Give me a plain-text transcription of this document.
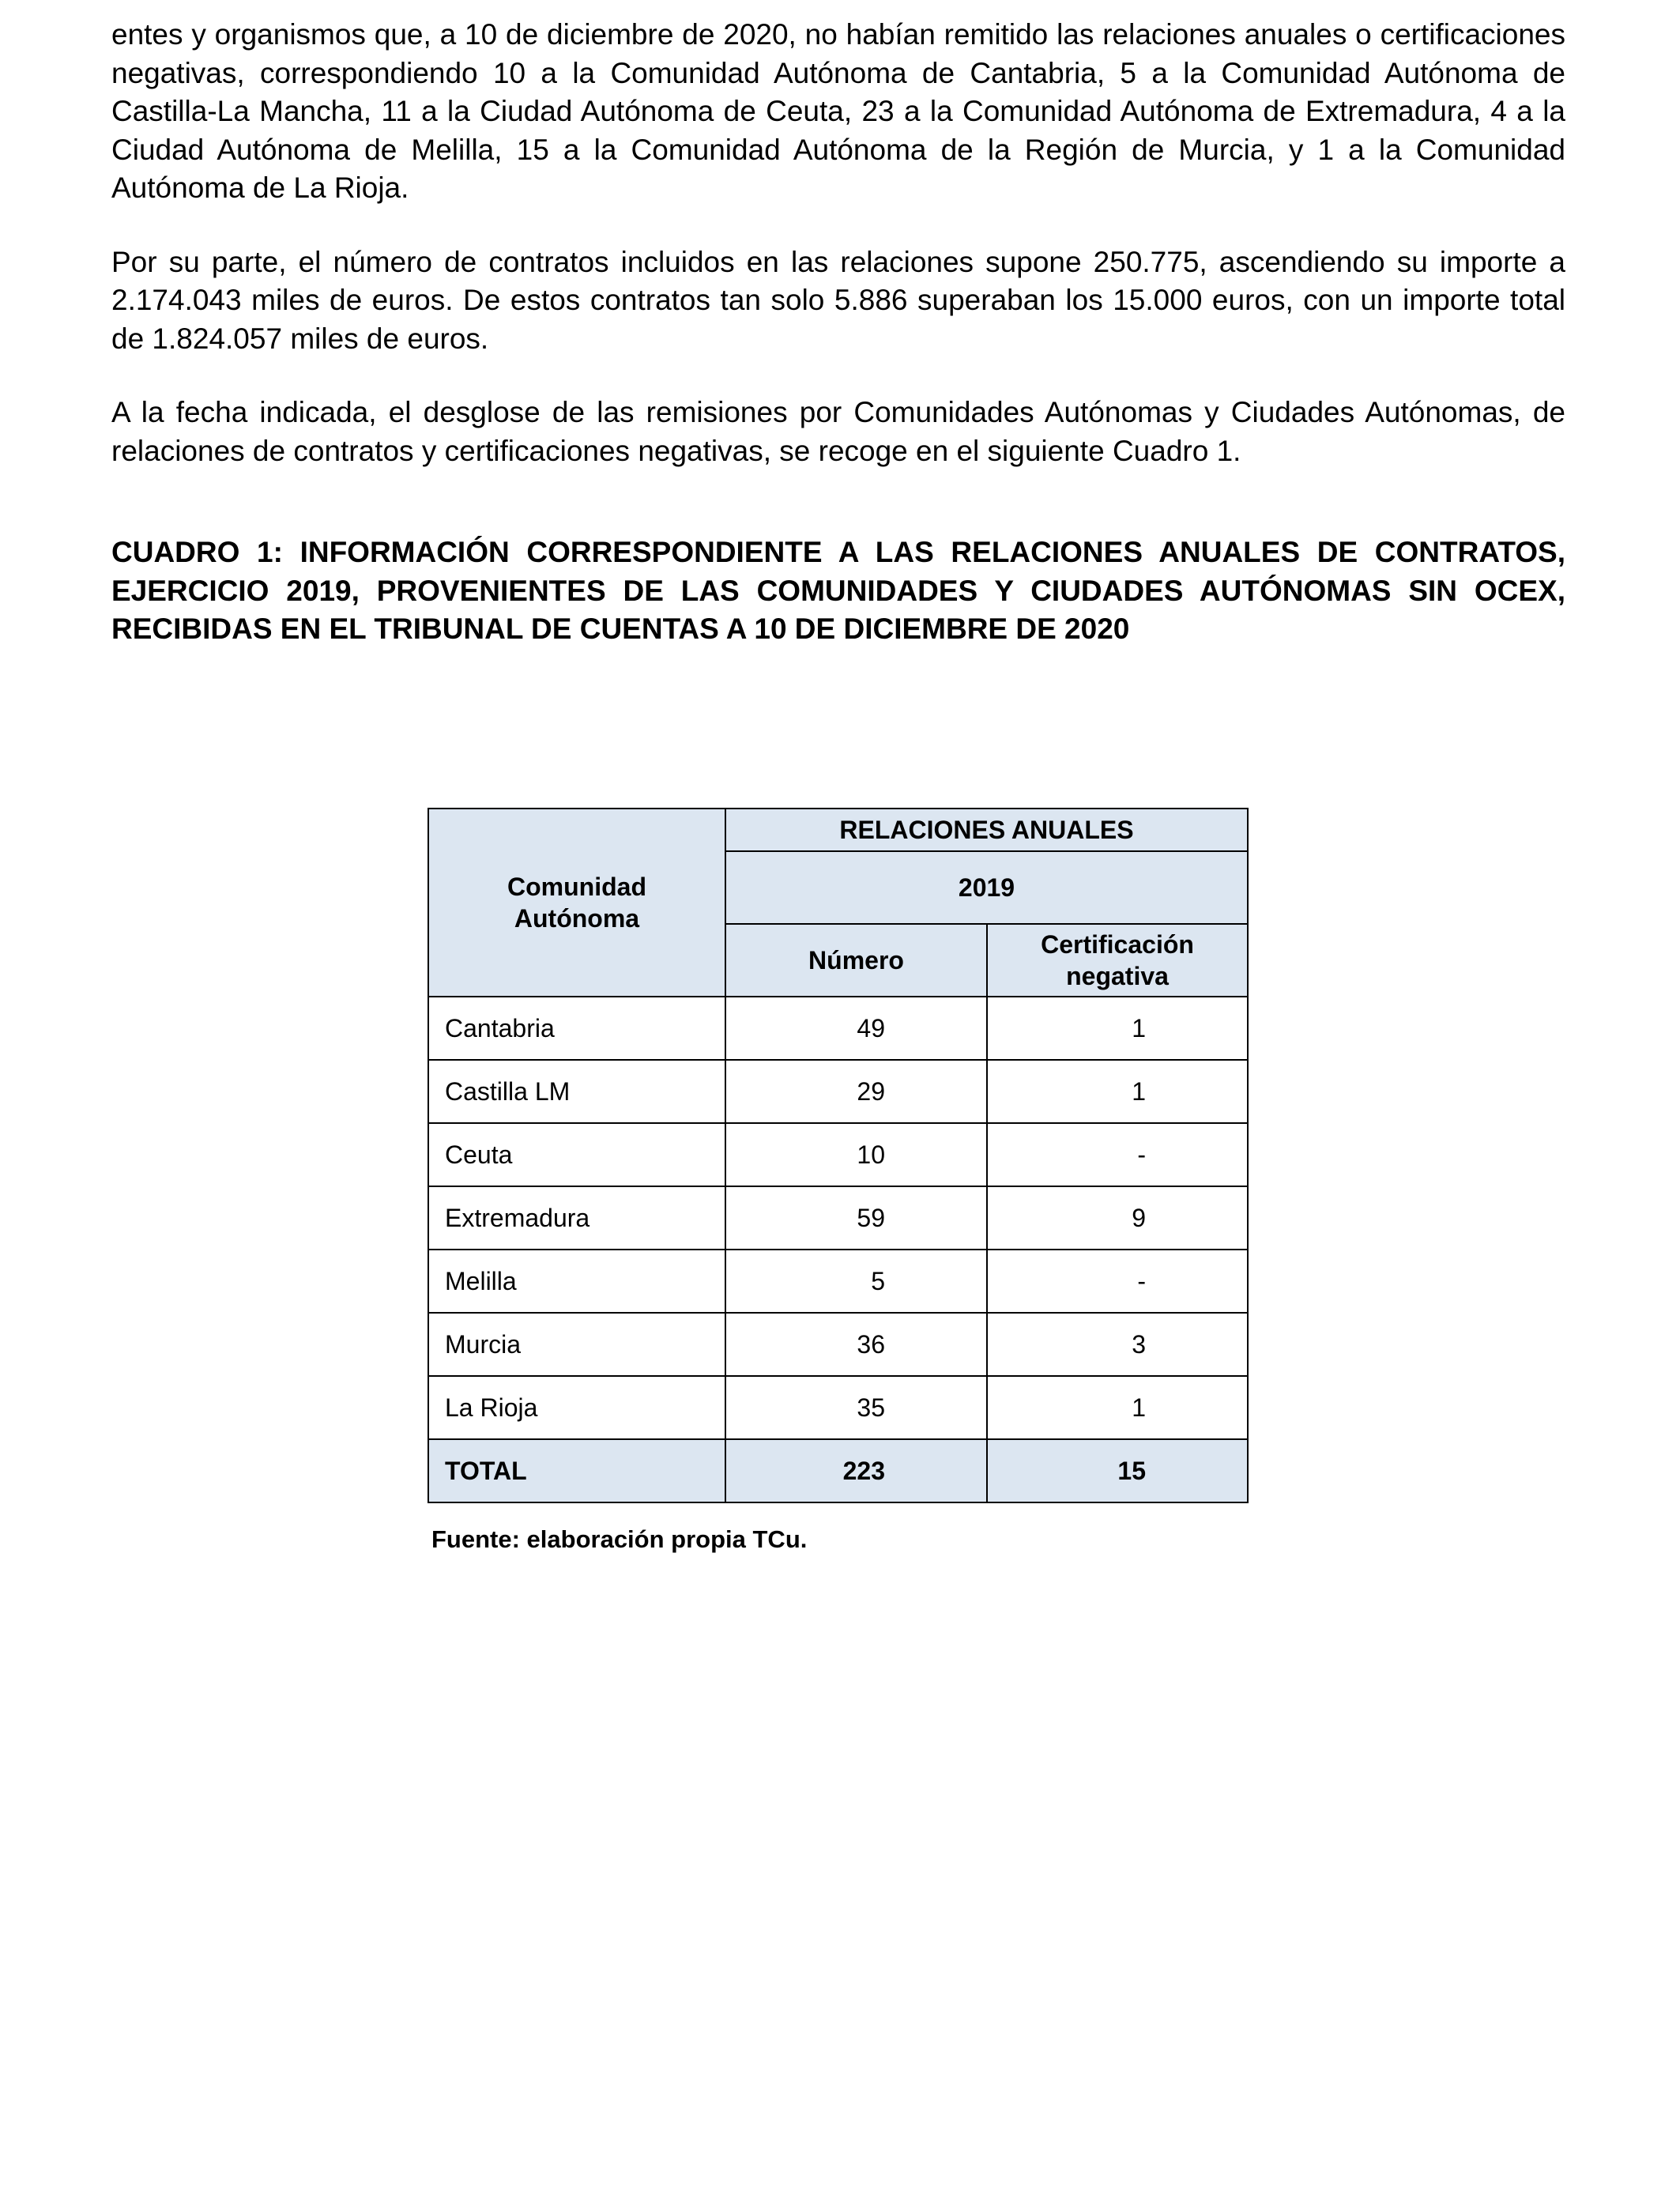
entes y organismos que, a 10 de diciembre de 2020, no habían remitido las relaciones anuales o certificaciones negativas, correspondiendo 10 a la Comunidad Autónoma de Cantabria, 5 a la Comunidad Autónoma de Castilla-La Mancha, 11 a la Ciudad Autónoma de Ceuta, 23 a la Comunidad Autónoma de Extremadura, 4 a la Ciudad Autónoma de Melilla, 15 a la Comunidad Autónoma de la Región de Murcia, y 1 a la Comunidad Autónoma de La Rioja.

Por su parte, el número de contratos incluidos en las relaciones supone 250.775, ascendiendo su importe a 2.174.043 miles de euros. De estos contratos tan solo 5.886 superaban los 15.000 euros, con un importe total de 1.824.057 miles de euros.

A la fecha indicada, el desglose de las remisiones por Comunidades Autónomas y Ciudades Autónomas, de relaciones de contratos y certificaciones negativas, se recoge en el siguiente Cuadro 1.

CUADRO 1: INFORMACIÓN CORRESPONDIENTE A LAS RELACIONES ANUALES DE CONTRATOS, EJERCICIO 2019, PROVENIENTES DE LAS COMUNIDADES Y CIUDADES AUTÓNOMAS SIN OCEX, RECIBIDAS EN EL TRIBUNAL DE CUENTAS A 10 DE DICIEMBRE DE 2020

Comunidad Autónoma	RELACIONES ANUALES	
	2019	
	Número	Certificación negativa
Cantabria	49	1
Castilla LM	29	1
Ceuta	10	-
Extremadura	59	9
Melilla	5	-
Murcia	36	3
La Rioja	35	1
TOTAL	223	15
Fuente: elaboración propia TCu.
